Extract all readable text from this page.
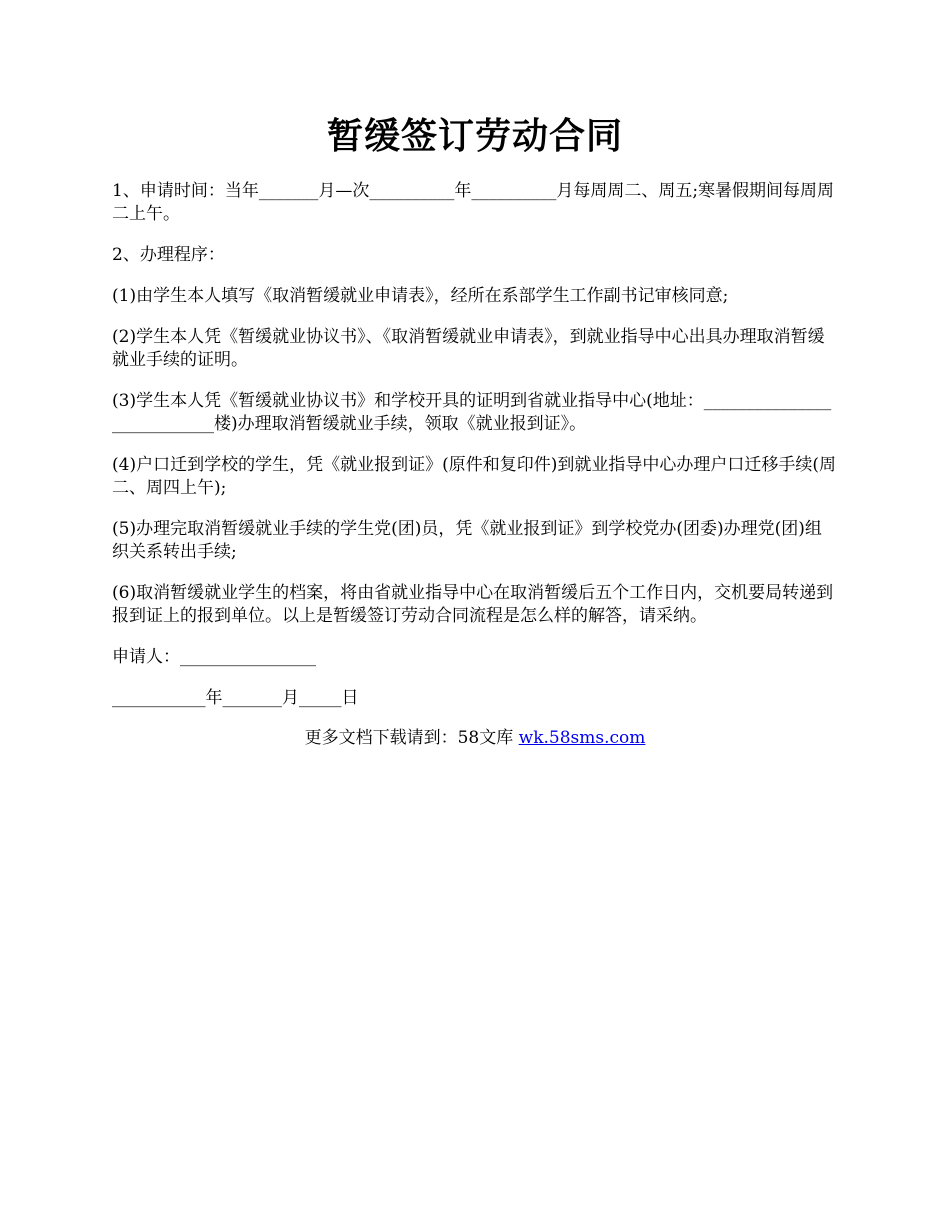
暂缓签订劳动合同

1、申请时间：当年_______月—次__________年__________月每周周二、周五;寒暑假期间每周周二上午。

2、办理程序：

(1)由学生本人填写《取消暂缓就业申请表》，经所在系部学生工作副书记审核同意;

(2)学生本人凭《暂缓就业协议书》、《取消暂缓就业申请表》，到就业指导中心出具办理取消暂缓就业手续的证明。

(3)学生本人凭《暂缓就业协议书》和学校开具的证明到省就业指导中心(地址：___________________________楼)办理取消暂缓就业手续，领取《就业报到证》。

(4)户口迁到学校的学生，凭《就业报到证》(原件和复印件)到就业指导中心办理户口迁移手续(周二、周四上午);

(5)办理完取消暂缓就业手续的学生党(团)员，凭《就业报到证》到学校党办(团委)办理党(团)组织关系转出手续;

(6)取消暂缓就业学生的档案，将由省就业指导中心在取消暂缓后五个工作日内，交机要局转递到报到证上的报到单位。以上是暂缓签订劳动合同流程是怎么样的解答，请采纳。

申请人：________________

___________年_______月_____日

更多文档下载请到：58文库 wk.58sms.com
